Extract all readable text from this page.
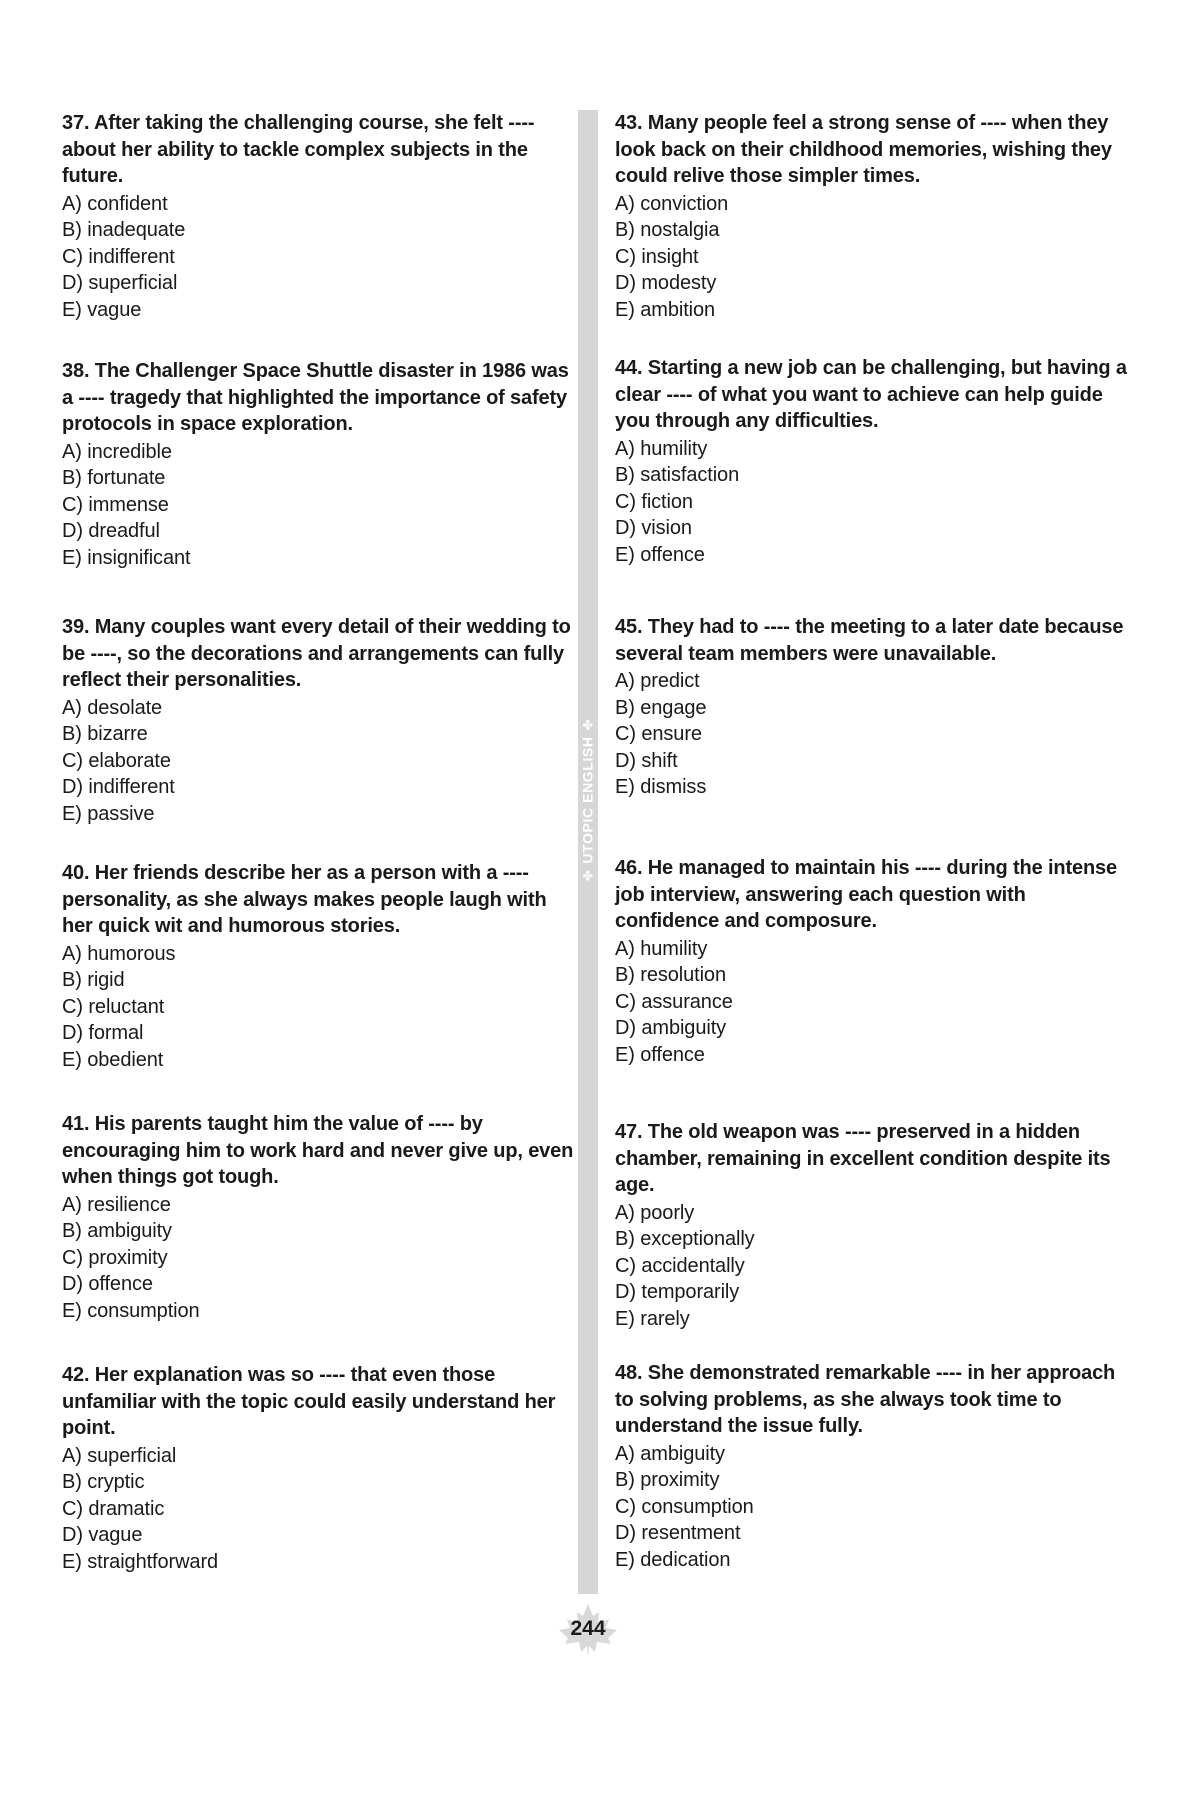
37. After taking the challenging course, she felt ---- about her ability to tackle complex subjects in the future.

A) confident
B) inadequate
C) indifferent
D) superficial
E) vague

38. The Challenger Space Shuttle disaster in 1986 was a ---- tragedy that highlighted the importance of safety protocols in space exploration.

A) incredible
B) fortunate
C) immense
D) dreadful
E) insignificant

39. Many couples want every detail of their wedding to be ----, so the decorations and arrangements can fully reflect their personalities.

A) desolate
B) bizarre
C) elaborate
D) indifferent
E) passive

40. Her friends describe her as a person with a ---- personality, as she always makes people laugh with her quick wit and humorous stories.

A) humorous
B) rigid
C) reluctant
D) formal
E) obedient

41. His parents taught him the value of ---- by encouraging him to work hard and never give up, even when things got tough.

A) resilience
B) ambiguity
C) proximity
D) offence
E) consumption

42. Her explanation was so ---- that even those unfamiliar with the topic could easily understand her point.

A) superficial
B) cryptic
C) dramatic
D) vague
E) straightforward
✤UTOPIC ENGLISH✤

43. Many people feel a strong sense of ---- when they look back on their childhood memories, wishing they could relive those simpler times.

A) conviction
B) nostalgia
C) insight
D) modesty
E) ambition

44. Starting a new job can be challenging, but having a clear ---- of what you want to achieve can help guide you through any difficulties.

A) humility
B) satisfaction
C) fiction
D) vision
E) offence

45. They had to ---- the meeting to a later date because several team members were unavailable.

A) predict
B) engage
C) ensure
D) shift
E) dismiss

46. He managed to maintain his ---- during the intense job interview, answering each question with confidence and composure.

A) humility
B) resolution
C) assurance
D) ambiguity
E) offence

47. The old weapon was ---- preserved in a hidden chamber, remaining in excellent condition despite its age.

A) poorly
B) exceptionally
C) accidentally
D) temporarily
E) rarely

48. She demonstrated remarkable ---- in her approach to solving problems, as she always took time to understand the issue fully.

A) ambiguity
B) proximity
C) consumption
D) resentment
E) dedication
244
